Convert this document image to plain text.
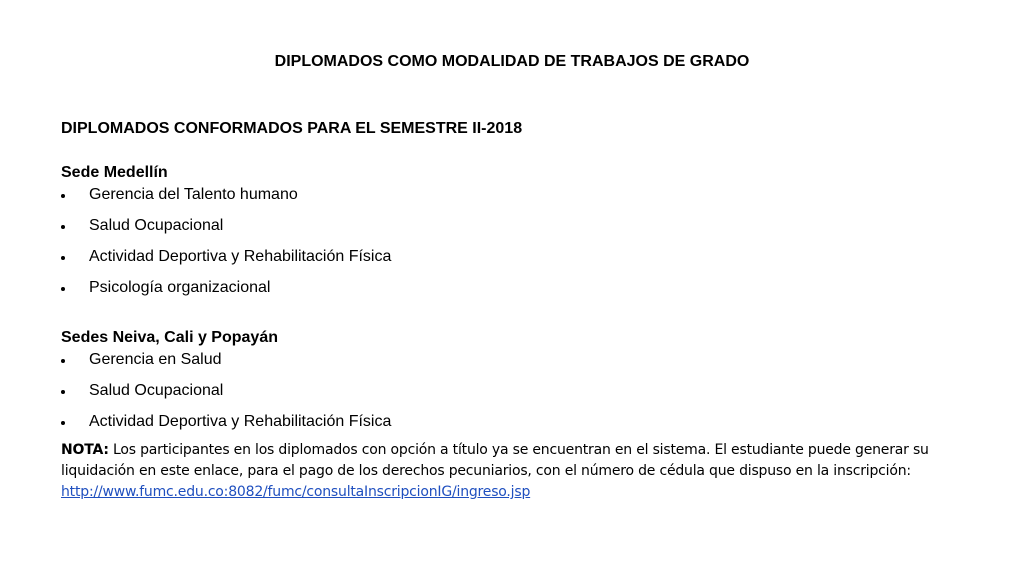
DIPLOMADOS COMO MODALIDAD DE TRABAJOS DE GRADO
DIPLOMADOS CONFORMADOS PARA EL SEMESTRE II-2018
Sede Medellín
Gerencia del Talento humano
Salud Ocupacional
Actividad Deportiva y Rehabilitación Física
Psicología organizacional
Sedes Neiva, Cali y Popayán
Gerencia en Salud
Salud Ocupacional
Actividad Deportiva y Rehabilitación Física

NOTA: Los participantes en los diplomados con opción a título ya se encuentran en el sistema. El estudiante puede generar su liquidación en este enlace, para el pago de los derechos pecuniarios, con el número de cédula que dispuso en la inscripción: http://www.fumc.edu.co:8082/fumc/consultaInscripcionIG/ingreso.jsp
